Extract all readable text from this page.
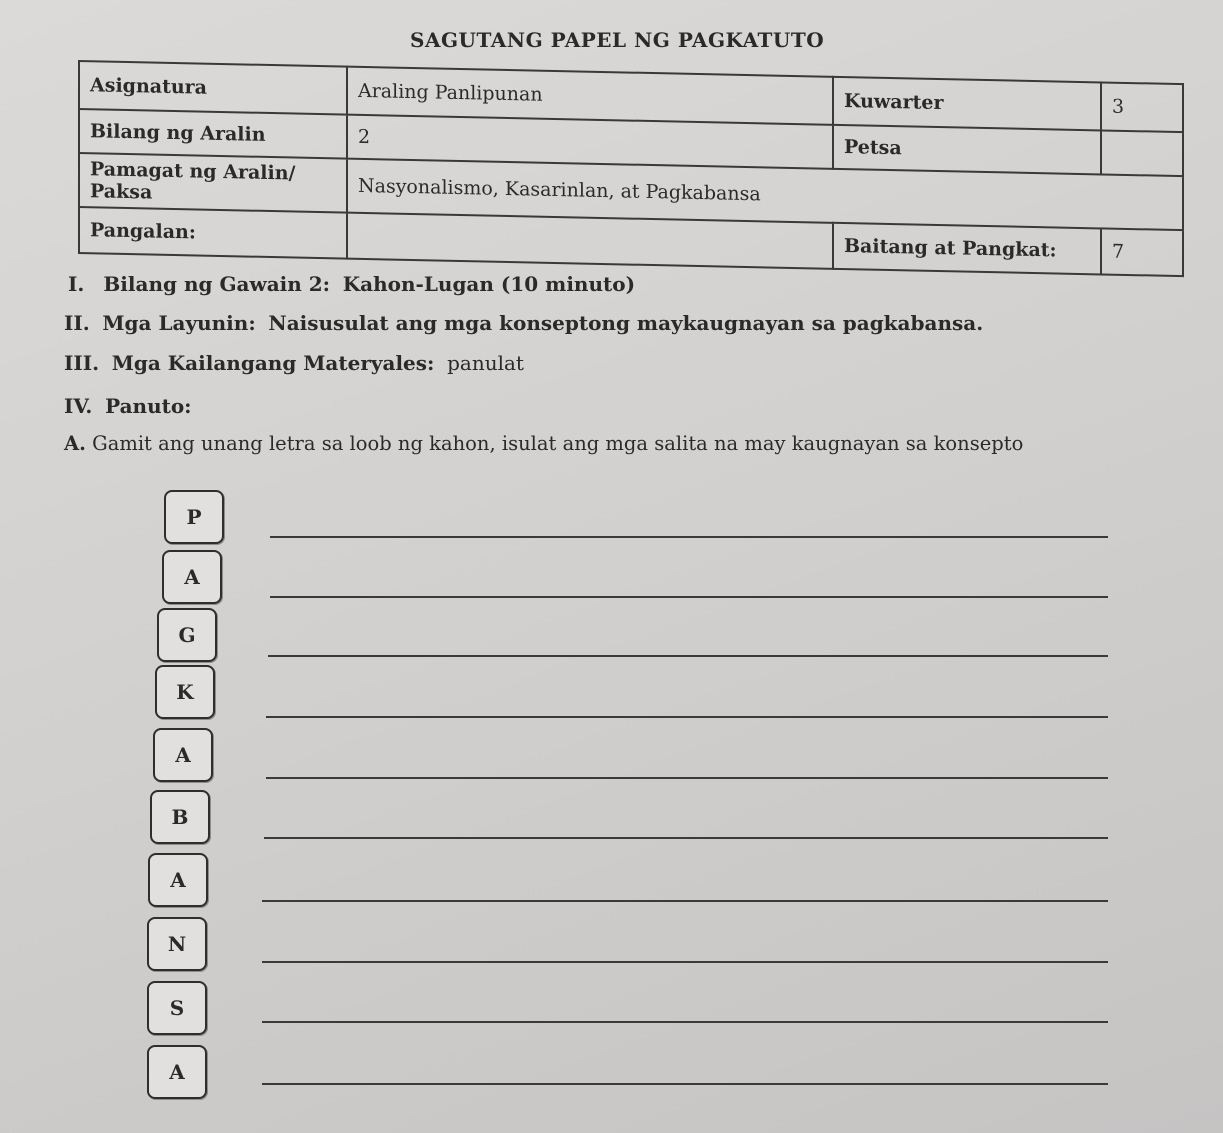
SAGUTANG PAPEL NG PAGKATUTO
Asignatura	Araling Panlipunan	Kuwarter	3
Bilang ng Aralin	2	Petsa	
Pamagat ng Aralin/ Paksa	Nasyonalismo, Kasarinlan, at Pagkabansa		
Pangalan:		Baitang at Pangkat:	7
I. Bilang ng Gawain 2: Kahon-Lugan (10 minuto)
II. Mga Layunin: Naisusulat ang mga konseptong maykaugnayan sa pagkabansa.
III. Mga Kailangang Materyales: panulat
IV. Panuto:
A. Gamit ang unang letra sa loob ng kahon, isulat ang mga salita na may kaugnayan sa konsepto
P
A
G
K
A
B
A
N
S
A
